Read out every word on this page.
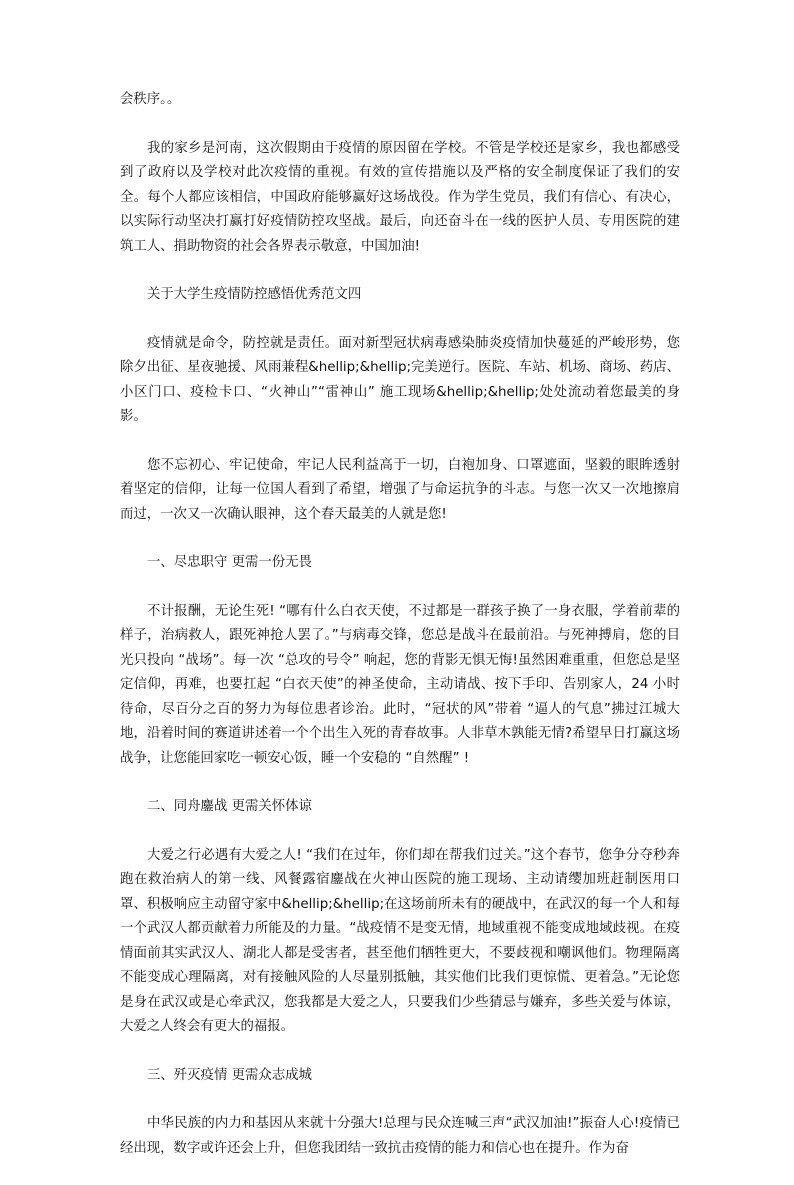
会秩序。。

我的家乡是河南，这次假期由于疫情的原因留在学校。不管是学校还是家乡，我也都感受到了政府以及学校对此次疫情的重视。有效的宣传措施以及严格的安全制度保证了我们的安全。每个人都应该相信，中国政府能够赢好这场战役。作为学生党员，我们有信心、有决心，以实际行动坚决打赢打好疫情防控攻坚战。最后，向还奋斗在一线的医护人员、专用医院的建筑工人、捐助物资的社会各界表示敬意，中国加油!

关于大学生疫情防控感悟优秀范文四

疫情就是命令，防控就是责任。面对新型冠状病毒感染肺炎疫情加快蔓延的严峻形势，您除夕出征、星夜驰援、风雨兼程&hellip;&hellip;完美逆行。医院、车站、机场、商场、药店、小区门口、疫检卡口、“火神山”“雷神山” 施工现场&hellip;&hellip;处处流动着您最美的身影。

您不忘初心、牢记使命，牢记人民利益高于一切，白袍加身、口罩遮面，坚毅的眼眸透射着坚定的信仰，让每一位国人看到了希望，增强了与命运抗争的斗志。与您一次又一次地擦肩而过，一次又一次确认眼神，这个春天最美的人就是您!

一、尽忠职守 更需一份无畏

不计报酬，无论生死! “哪有什么白衣天使，不过都是一群孩子换了一身衣服，学着前辈的样子，治病救人，跟死神抢人罢了。”与病毒交锋，您总是战斗在最前沿。与死神搏肩，您的目光只投向 “战场”。每一次 “总攻的号令” 响起，您的背影无惧无悔!虽然困难重重，但您总是坚定信仰，再难，也要扛起 “白衣天使”的神圣使命，主动请战、按下手印、告别家人，24 小时待命，尽百分之百的努力为每位患者诊治。此时，“冠状的风”带着 “逼人的气息”拂过江城大地，沿着时间的赛道讲述着一个个出生入死的青春故事。人非草木孰能无情?希望早日打赢这场战争，让您能回家吃一顿安心饭，睡一个安稳的 “自然醒” !

二、同舟鏖战 更需关怀体谅

大爱之行必遇有大爱之人! “我们在过年，你们却在帮我们过关。”这个春节，您争分夺秒奔跑在救治病人的第一线、风餐露宿鏖战在火神山医院的施工现场、主动请缨加班赶制医用口罩、积极响应主动留守家中&hellip;&hellip;在这场前所未有的硬战中，在武汉的每一个人和每一个武汉人都贡献着力所能及的力量。“战疫情不是变无情，地域重视不能变成地域歧视。在疫情面前其实武汉人、湖北人都是受害者，甚至他们牺牲更大，不要歧视和嘲讽他们。物理隔离不能变成心理隔离，对有接触风险的人尽量别抵触，其实他们比我们更惊慌、更着急。”无论您是身在武汉或是心牵武汉，您我都是大爱之人，只要我们少些猜忌与嫌弃，多些关爱与体谅，大爱之人终会有更大的福报。

三、歼灭疫情 更需众志成城

中华民族的内力和基因从来就十分强大!总理与民众连喊三声“武汉加油!”振奋人心!疫情已经出现，数字或许还会上升，但您我团结一致抗击疫情的能力和信心也在提升。作为奋
